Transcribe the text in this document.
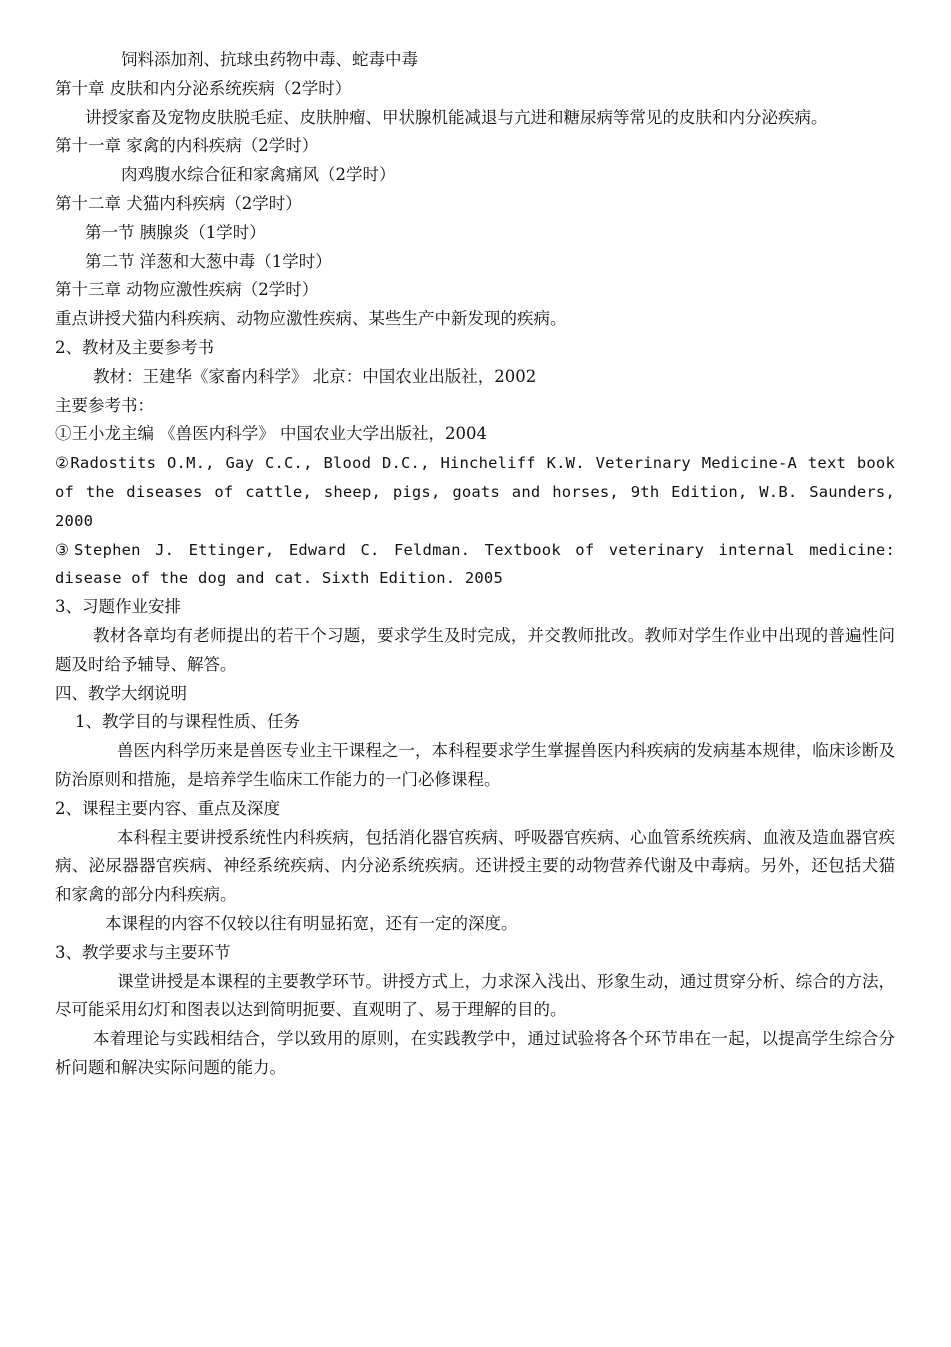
饲料添加剂、抗球虫药物中毒、蛇毒中毒
第十章 皮肤和内分泌系统疾病（2学时）
讲授家畜及宠物皮肤脱毛症、皮肤肿瘤、甲状腺机能减退与亢进和糖尿病等常见的皮肤和内分泌疾病。
第十一章 家禽的内科疾病（2学时）
肉鸡腹水综合征和家禽痛风（2学时）
第十二章 犬猫内科疾病（2学时）
第一节 胰腺炎（1学时）
第二节 洋葱和大葱中毒（1学时）
第十三章 动物应激性疾病（2学时）
重点讲授犬猫内科疾病、动物应激性疾病、某些生产中新发现的疾病。
2、教材及主要参考书
教材：王建华《家畜内科学》 北京：中国农业出版社，2002
主要参考书：
①王小龙主编 《兽医内科学》 中国农业大学出版社，2004
②Radostits O.M., Gay C.C., Blood D.C., Hincheliff K.W. Veterinary Medicine-A text book of the diseases of cattle, sheep, pigs, goats and horses, 9th Edition, W.B. Saunders, 2000
③Stephen J. Ettinger, Edward C. Feldman. Textbook of veterinary internal medicine: disease of the dog and cat. Sixth Edition. 2005
3、习题作业安排
教材各章均有老师提出的若干个习题，要求学生及时完成，并交教师批改。教师对学生作业中出现的普遍性问题及时给予辅导、解答。
四、教学大纲说明
1、教学目的与课程性质、任务
兽医内科学历来是兽医专业主干课程之一，本科程要求学生掌握兽医内科疾病的发病基本规律，临床诊断及防治原则和措施，是培养学生临床工作能力的一门必修课程。
2、课程主要内容、重点及深度
本科程主要讲授系统性内科疾病，包括消化器官疾病、呼吸器官疾病、心血管系统疾病、血液及造血器官疾病、泌尿器器官疾病、神经系统疾病、内分泌系统疾病。还讲授主要的动物营养代谢及中毒病。另外，还包括犬猫和家禽的部分内科疾病。
本课程的内容不仅较以往有明显拓宽，还有一定的深度。
3、教学要求与主要环节
课堂讲授是本课程的主要教学环节。讲授方式上，力求深入浅出、形象生动，通过贯穿分析、综合的方法，尽可能采用幻灯和图表以达到简明扼要、直观明了、易于理解的目的。
本着理论与实践相结合，学以致用的原则，在实践教学中，通过试验将各个环节串在一起，以提高学生综合分析问题和解决实际问题的能力。
